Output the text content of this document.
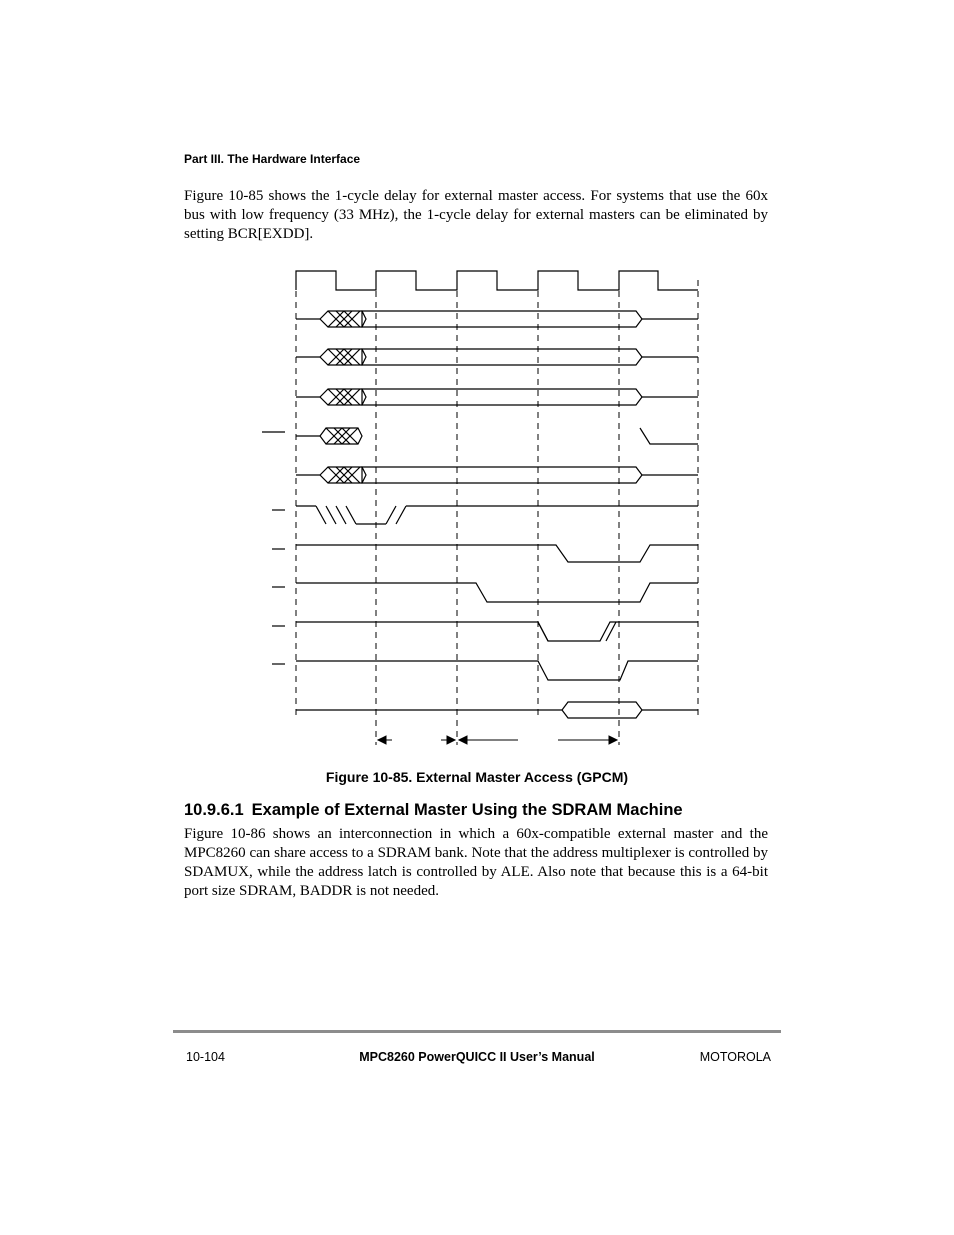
Part III. The Hardware Interface

Figure 10-85 shows the 1-cycle delay for external master access. For systems that use the 60x bus with low frequency (33 MHz), the 1-cycle delay for external masters can be eliminated by setting BCR[EXDD].

Figure 10-85. External Master Access (GPCM)
10.9.6.1 Example of External Master Using the SDRAM Machine

Figure 10-86 shows an interconnection in which a 60x-compatible external master and the MPC8260 can share access to a SDRAM bank. Note that the address multiplexer is controlled by SDAMUX, while the address latch is controlled by ALE. Also note that because this is a 64-bit port size SDRAM, BADDR is not needed.

10-104	MPC8260 PowerQUICC II User’s Manual	MOTOROLA
